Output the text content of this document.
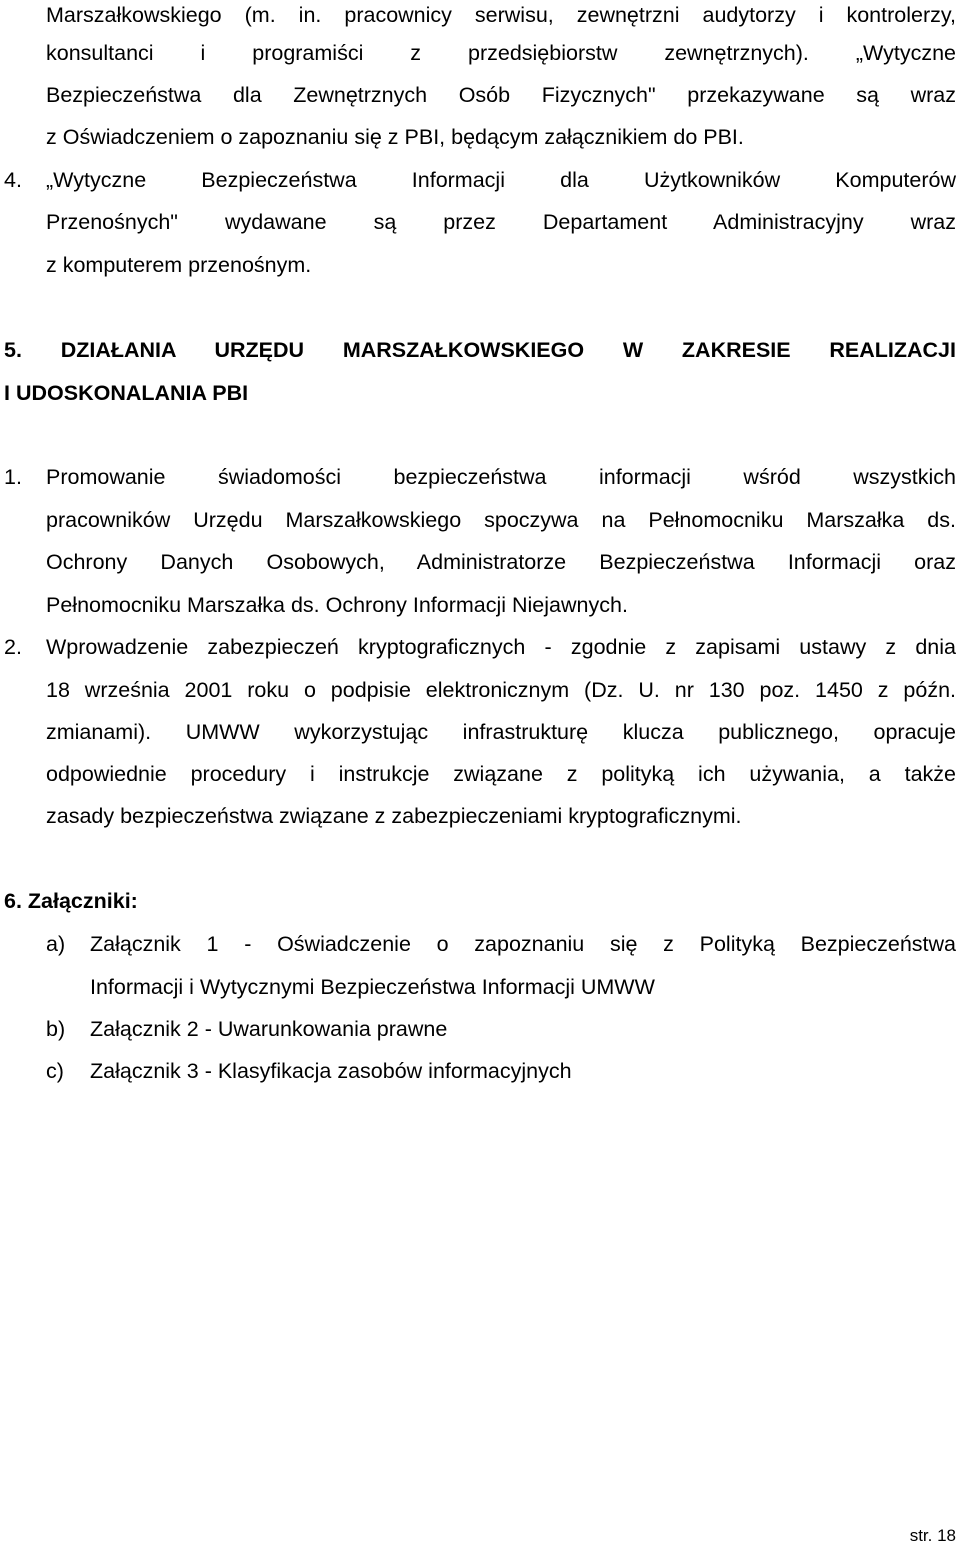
Marszałkowskiego (m. in. pracownicy serwisu, zewnętrzni audytorzy i kontrolerzy,
konsultanci i programiści z przedsiębiorstw zewnętrznych). „Wytyczne
Bezpieczeństwa dla Zewnętrznych Osób Fizycznych" przekazywane są wraz
z Oświadczeniem o zapoznaniu się z PBI, będącym załącznikiem do PBI.
4.	„Wytyczne Bezpieczeństwa Informacji dla Użytkowników Komputerów
Przenośnych" wydawane są przez Departament Administracyjny wraz
z komputerem przenośnym.
5. DZIAŁANIA URZĘDU MARSZAŁKOWSKIEGO W ZAKRESIE REALIZACJI
I UDOSKONALANIA PBI
1.	Promowanie świadomości bezpieczeństwa informacji wśród wszystkich
pracowników Urzędu Marszałkowskiego spoczywa na Pełnomocniku Marszałka ds.
Ochrony Danych Osobowych, Administratorze Bezpieczeństwa Informacji oraz
Pełnomocniku Marszałka ds. Ochrony Informacji Niejawnych.
2.	Wprowadzenie zabezpieczeń kryptograficznych - zgodnie z zapisami ustawy z dnia
18 września 2001 roku o podpisie elektronicznym (Dz. U. nr 130 poz. 1450 z późn.
zmianami). UMWW wykorzystując infrastrukturę klucza publicznego, opracuje
odpowiednie procedury i instrukcje związane z polityką ich używania, a także
zasady bezpieczeństwa związane z zabezpieczeniami kryptograficznymi.
6. Załączniki:
a)	Załącznik 1 - Oświadczenie o zapoznaniu się z Polityką Bezpieczeństwa
Informacji i Wytycznymi Bezpieczeństwa Informacji UMWW
b)	Załącznik 2 - Uwarunkowania prawne
c)	Załącznik 3 - Klasyfikacja zasobów informacyjnych
str. 18
